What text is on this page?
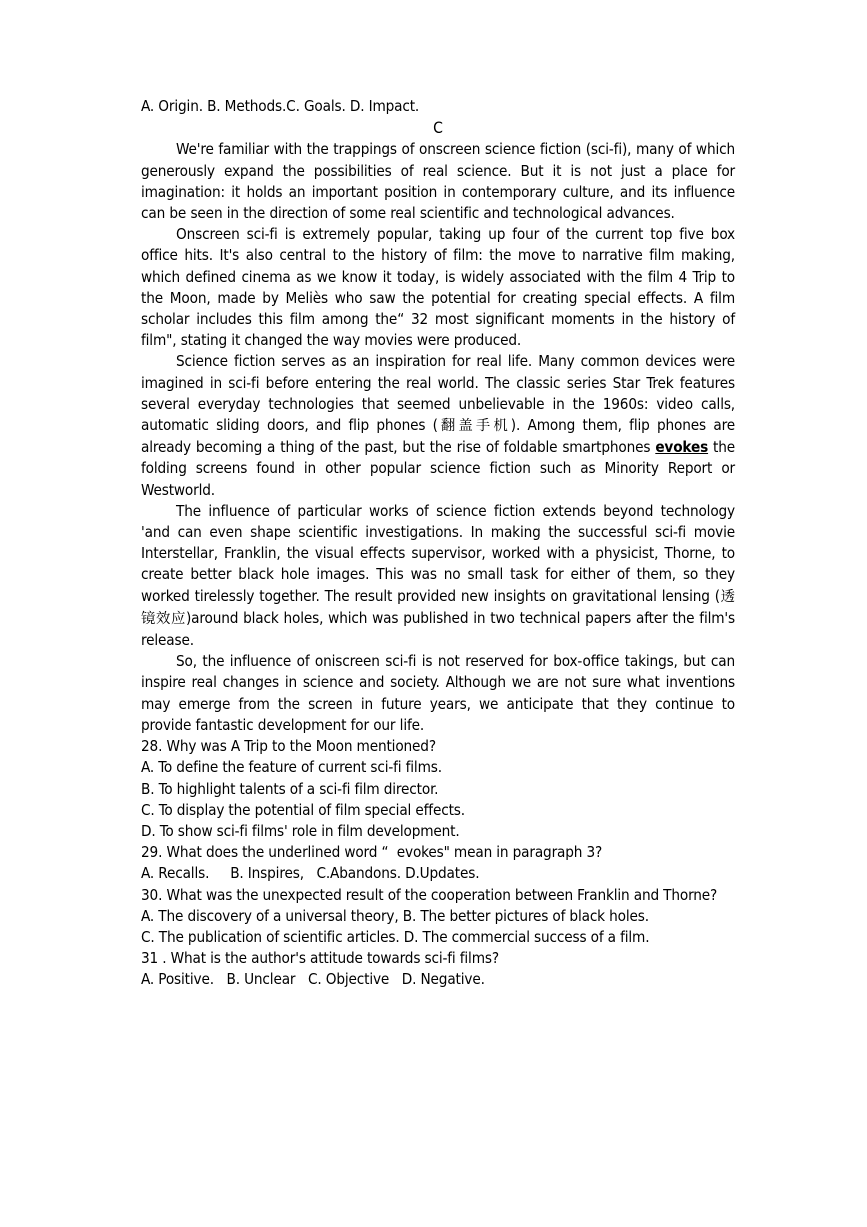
A. Origin. B. Methods.C. Goals. D. Impact.
C

We're familiar with the trappings of onscreen science fiction (sci-fi), many of which generously expand the possibilities of real science. But it is not just a place for imagination: it holds an important position in contemporary culture, and its influence can be seen in the direction of some real scientific and technological advances.

Onscreen sci-fi is extremely popular, taking up four of the current top five box office hits. It's also central to the history of film: the move to narrative film making, which defined cinema as we know it today, is widely associated with the film 4 Trip to the Moon, made by Meliès who saw the potential for creating special effects. A film scholar includes this film among the“ 32 most significant moments in the history of film", stating it changed the way movies were produced.

Science fiction serves as an inspiration for real life. Many common devices were imagined in sci-fi before entering the real world. The classic series Star Trek features several everyday technologies that seemed unbelievable in the 1960s: video calls, automatic sliding doors, and flip phones (翻盖手机). Among them, flip phones are already becoming a thing of the past, but the rise of foldable smartphones evokes the folding screens found in other popular science fiction such as Minority Report or Westworld.

The influence of particular works of science fiction extends beyond technology 'and can even shape scientific investigations. In making the successful sci-fi movie Interstellar, Franklin, the visual effects supervisor, worked with a physicist, Thorne, to create better black hole images. This was no small task for either of them, so they worked tirelessly together. The result provided new insights on gravitational lensing (透镜效应)around black holes, which was published in two technical papers after the film's release.

So, the influence of oniscreen sci-fi is not reserved for box-office takings, but can inspire real changes in science and society. Although we are not sure what inventions may emerge from the screen in future years, we anticipate that they continue to provide fantastic development for our life.

28. Why was A Trip to the Moon mentioned?

A. To define the feature of current sci-fi films.

B. To highlight talents of a sci-fi film director.

C. To display the potential of film special effects.

D. To show sci-fi films' role in film development.

29. What does the underlined word “  evokes" mean in paragraph 3?

A. Recalls.     B. Inspires,   C.Abandons. D.Updates.

30. What was the unexpected result of the cooperation between Franklin and Thorne?

A. The discovery of a universal theory, B. The better pictures of black holes.

C. The publication of scientific articles. D. The commercial success of a film.

31 . What is the author's attitude towards sci-fi films?

A. Positive.   B. Unclear   C. Objective   D. Negative.
